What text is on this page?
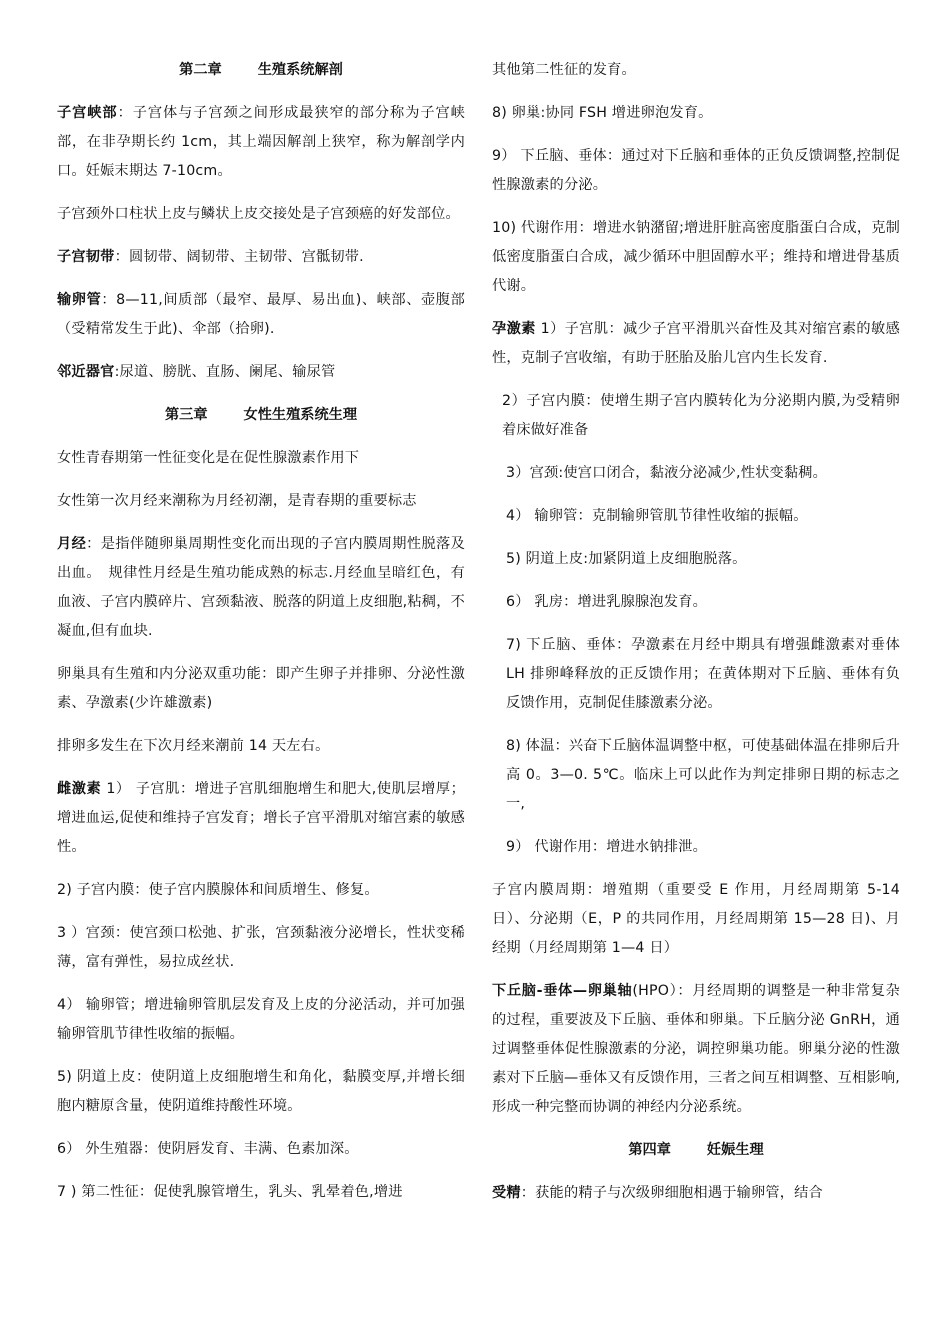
第二章	生殖系统解剖

子宫峡部：子宫体与子宫颈之间形成最狭窄的部分称为子宫峡部，在非孕期长约 1cm，其上端因解剖上狭窄，称为解剖学内口。妊娠末期达 7-10cm。

子宫颈外口柱状上皮与鳞状上皮交接处是子宫颈癌的好发部位。

子宫韧带：圆韧带、阔韧带、主韧带、宫骶韧带.

输卵管：8—11,间质部（最窄、最厚、易出血)、峡部、壶腹部（受精常发生于此)、伞部（拾卵).

邻近器官:尿道、膀胱、直肠、阑尾、输尿管

第三章	女性生殖系统生理

女性青春期第一性征变化是在促性腺激素作用下

女性第一次月经来潮称为月经初潮，是青春期的重要标志

月经：是指伴随卵巢周期性变化而出现的子宫内膜周期性脱落及出血。　规律性月经是生殖功能成熟的标志.月经血呈暗红色，有血液、子宫内膜碎片、宫颈黏液、脱落的阴道上皮细胞,粘稠，不凝血,但有血块.

卵巢具有生殖和内分泌双重功能：即产生卵子并排卵、分泌性激素、孕激素(少许雄激素)

排卵多发生在下次月经来潮前 14 天左右。

雌激素 1） 子宫肌：增进子宫肌细胞增生和肥大,使肌层增厚；增进血运,促使和维持子宫发育；增长子宫平滑肌对缩宫素的敏感性。

2) 子宫内膜：使子宫内膜腺体和间质增生、修复。

3 ）宫颈：使宫颈口松弛、扩张，宫颈黏液分泌增长，性状变稀薄，富有弹性，易拉成丝状.

4） 输卵管；增进输卵管肌层发育及上皮的分泌活动，并可加强输卵管肌节律性收缩的振幅。

5) 阴道上皮：使阴道上皮细胞增生和角化，黏膜变厚,并增长细胞内糖原含量，使阴道维持酸性环境。

6） 外生殖器：使阴唇发育、丰满、色素加深。

7 ) 第二性征：促使乳腺管增生，乳头、乳晕着色,增进

其他第二性征的发育。

8) 卵巢:协同 FSH 增进卵泡发育。

9） 下丘脑、垂体：通过对下丘脑和垂体的正负反馈调整,控制促性腺激素的分泌。

10) 代谢作用：增进水钠潴留;增进肝脏高密度脂蛋白合成，克制低密度脂蛋白合成，减少循环中胆固醇水平；维持和增进骨基质代谢。

孕激素 1）子宫肌：减少子宫平滑肌兴奋性及其对缩宫素的敏感性，克制子宫收缩，有助于胚胎及胎儿宫内生长发育.

2）子宫内膜：使增生期子宫内膜转化为分泌期内膜,为受精卵着床做好准备

3）宫颈:使宫口闭合，黏液分泌减少,性状变黏稠。

4） 输卵管：克制输卵管肌节律性收缩的振幅。

5) 阴道上皮:加紧阴道上皮细胞脱落。

6） 乳房：增进乳腺腺泡发育。

7) 下丘脑、垂体：孕激素在月经中期具有增强雌激素对垂体 LH 排卵峰释放的正反馈作用；在黄体期对下丘脑、垂体有负反馈作用，克制促佳膝激素分泌。

8) 体温：兴奋下丘脑体温调整中枢，可使基础体温在排卵后升高 0。3—0. 5℃。临床上可以此作为判定排卵日期的标志之一,

9） 代谢作用：增进水钠排泄。

子宫内膜周期：增殖期（重要受 E 作用，月经周期第 5-14 日）、分泌期（E，P 的共同作用，月经周期第 15—28 日)、月经期（月经周期第 1—4 日）

下丘脑-垂体—卵巢轴(HPO）：月经周期的调整是一种非常复杂的过程，重要波及下丘脑、垂体和卵巢。下丘脑分泌 GnRH，通过调整垂体促性腺激素的分泌，调控卵巢功能。卵巢分泌的性激素对下丘脑—垂体又有反馈作用，三者之间互相调整、互相影响,形成一种完整而协调的神经内分泌系统。

第四章	妊娠生理

受精：获能的精子与次级卵细胞相遇于输卵管，结合
